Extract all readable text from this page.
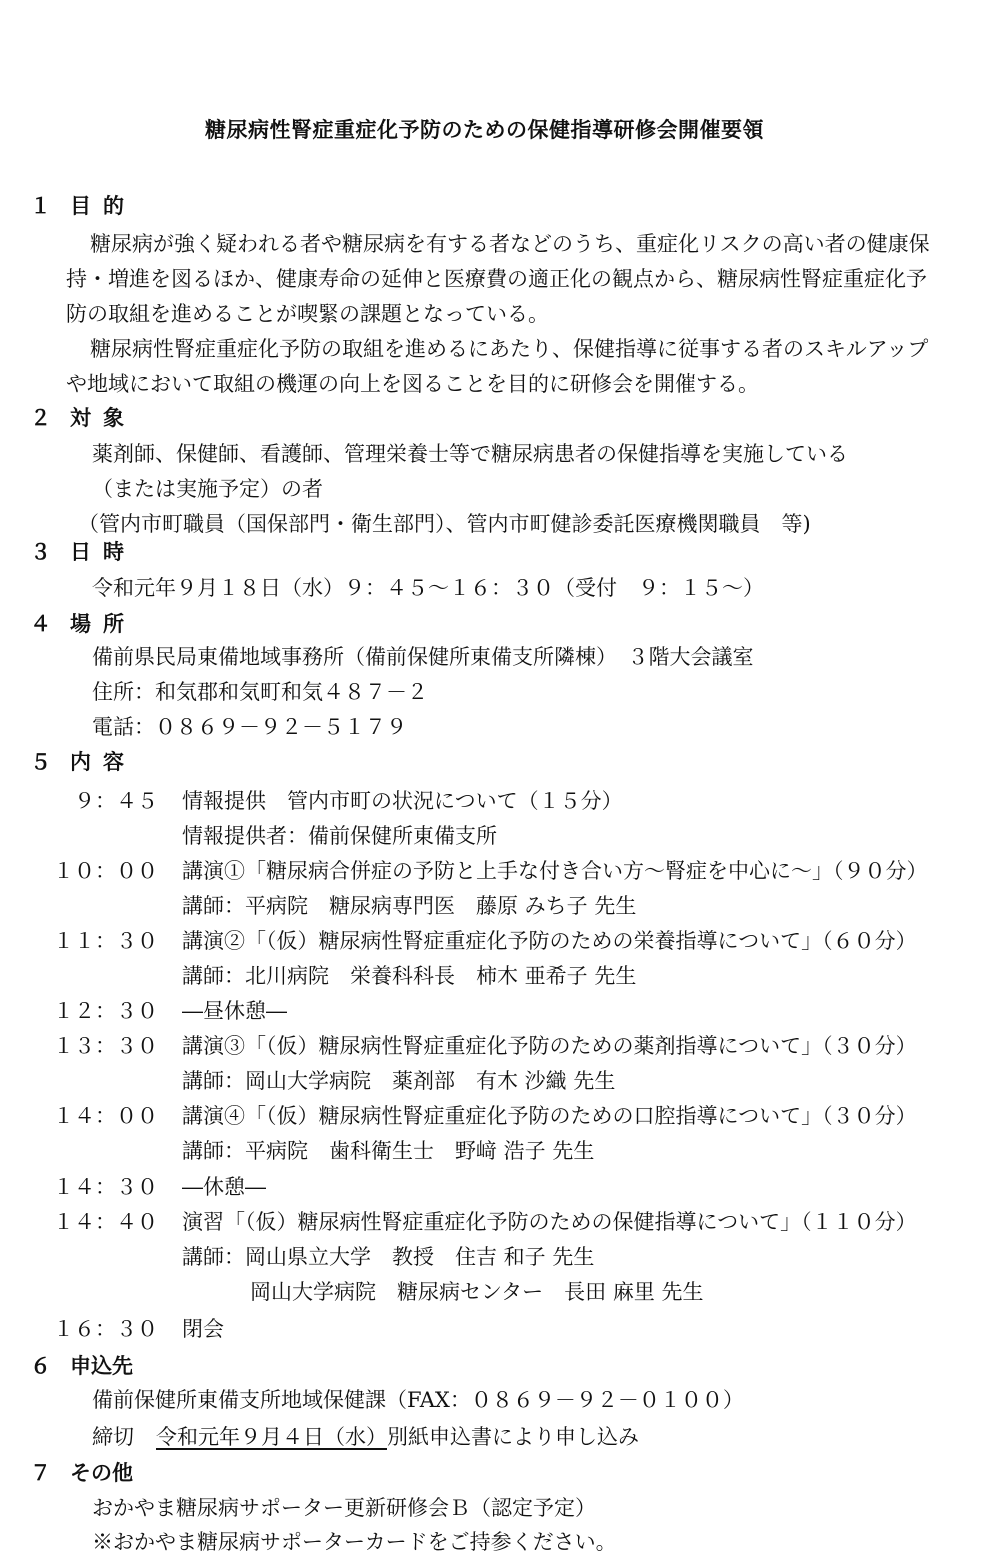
糖尿病性腎症重症化予防のための保健指導研修会開催要領
１ 目的
糖尿病が強く疑われる者や糖尿病を有する者などのうち、重症化リスクの高い者の健康保
持・増進を図るほか、健康寿命の延伸と医療費の適正化の観点から、糖尿病性腎症重症化予
防の取組を進めることが喫緊の課題となっている。
糖尿病性腎症重症化予防の取組を進めるにあたり、保健指導に従事する者のスキルアップ
や地域において取組の機運の向上を図ることを目的に研修会を開催する。
２ 対象
薬剤師、保健師、看護師、管理栄養士等で糖尿病患者の保健指導を実施している
（または実施予定）の者
（管内市町職員（国保部門・衛生部門）、管内市町健診委託医療機関職員　等)
３ 日時
令和元年９月１８日（水）９：４５～１６：３０（受付　９：１５～）
４ 場所
備前県民局東備地域事務所（備前保健所東備支所隣棟）　３階大会議室
住所：和気郡和気町和気４８７－２
電話：０８６９－９２－５１７９
５ 内容
９：４５ 情報提供　管内市町の状況について（１５分）
情報提供者：備前保健所東備支所
１０：００ 講演①「糖尿病合併症の予防と上手な付き合い方～腎症を中心に～」（９０分）
講師：平病院　糖尿病専門医　藤原 みち子 先生
１１：３０ 講演②「（仮）糖尿病性腎症重症化予防のための栄養指導について」（６０分）
講師：北川病院　栄養科科長　柿木 亜希子 先生
１２：３０ ―昼休憩―
１３：３０ 講演③「（仮）糖尿病性腎症重症化予防のための薬剤指導について」（３０分）
講師：岡山大学病院　薬剤部　有木 沙織 先生
１４：００ 講演④「（仮）糖尿病性腎症重症化予防のための口腔指導について」（３０分）
講師：平病院　歯科衛生士　野﨑 浩子 先生
１４：３０ ―休憩―
１４：４０ 演習「（仮）糖尿病性腎症重症化予防のための保健指導について」（１１０分）
講師：岡山県立大学　教授　住吉 和子 先生
岡山大学病院　糖尿病センター　長田 麻里 先生
１６：３０ 閉会
６ 申込先
備前保健所東備支所地域保健課（FAX：０８６９－９２－０１００）
締切 令和元年９月４日（水）別紙申込書により申し込み
７ その他
おかやま糖尿病サポーター更新研修会Ｂ（認定予定）
※おかやま糖尿病サポーターカードをご持参ください。
